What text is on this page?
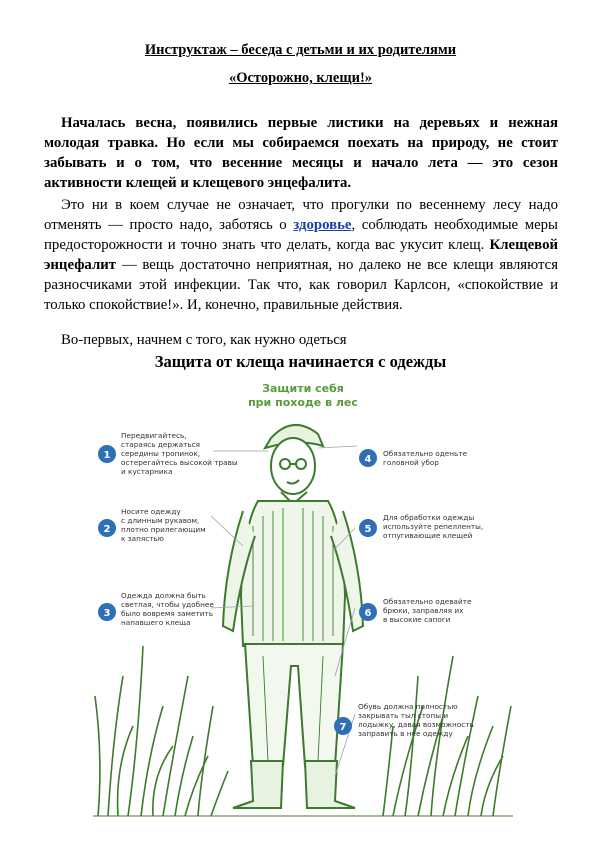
Инструктаж – беседа с детьми и их родителями
«Осторожно, клещи!»
Началась весна, появились первые листики на деревьях и нежная молодая травка. Но если мы собираемся поехать на природу, не стоит забывать и о том, что весенние месяцы и начало лета — это сезон активности клещей и клещевого энцефалита.
Это ни в коем случае не означает, что прогулки по весеннему лесу надо отменять — просто надо, заботясь о здоровье, соблюдать необходимые меры предосторожности и точно знать что делать, когда вас укусит клещ. Клещевой энцефалит — вещь достаточно неприятная, но далеко не все клещи являются разносчиками этой инфекции. Так что, как говорил Карлсон, «спокойствие и только спокойствие!». И, конечно, правильные действия.
Во-первых, начнем с того, как нужно одеться
Защита от клеща начинается с одежды
Защити себя
при походе в лес
1
Передвигайтесь,
стараясь держаться
середины тропинок,
остерегайтесь высокой травы
и кустарника
2
Носите одежду
с длинным рукавом,
плотно прилегающим
к запястью
3
Одежда должна быть
светлая, чтобы удобнее
было вовремя заметить
напавшего клеща
4
Обязательно оденьте
головной убор
5
Для обработки одежды
используйте репелленты,
отпугивающие клещей
6
Обязательно одевайте
брюки, заправляя их
в высокие сапоги
7
Обувь должна полностью
закрывать тыл стопы и
лодыжку, давая возможность
заправить в нее одежду
